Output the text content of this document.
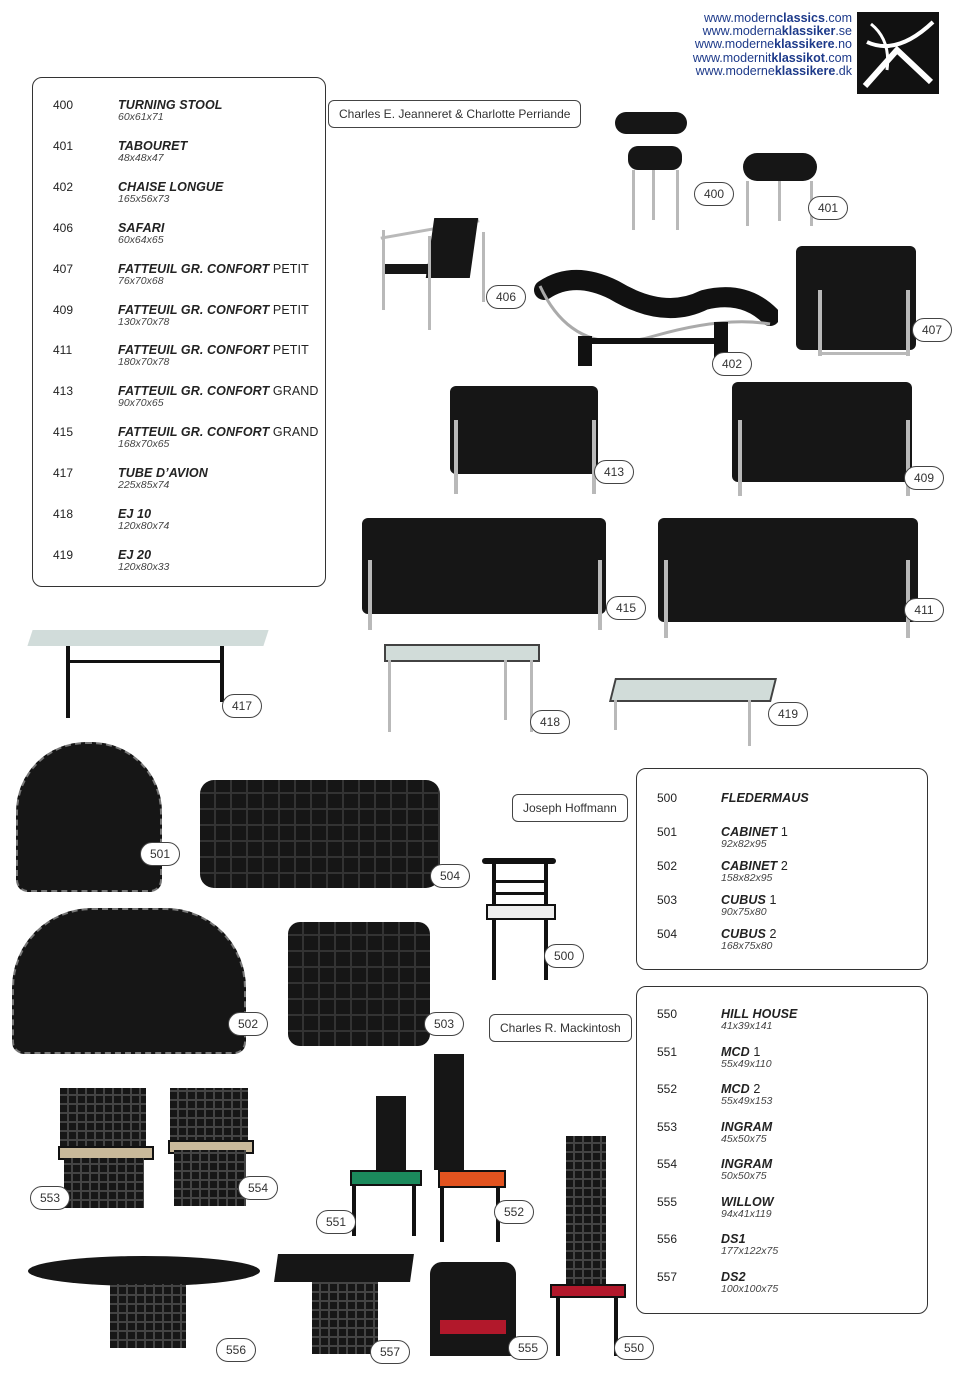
www.modernclassics.com
www.modernaklassiker.se
www.moderneklassikere.no
www.modernitklassikot.com
www.moderneklassikere.dk
Charles E. Jeanneret & Charlotte Perriande
400	TURNING STOOL
60x61x71
401	TABOURET
48x48x47
402	CHAISE LONGUE
165x56x73
406	SAFARI
60x64x65
407	FATTEUIL GR. CONFORT PETIT
76x70x68
409	FATTEUIL GR. CONFORT PETIT
130x70x78
411	FATTEUIL GR. CONFORT PETIT
180x70x78
413	FATTEUIL GR. CONFORT GRAND
90x70x65
415	FATTEUIL GR. CONFORT GRAND
168x70x65
417	TUBE D’AVION
225x85x74
418	EJ 10
120x80x74
419	EJ 20
120x80x33
500	FLEDERMAUS
501	CABINET 1
92x82x95
502	CABINET 2
158x82x95
503	CUBUS 1
90x75x80
504	CUBUS 2
168x75x80
550	HILL HOUSE
41x39x141
551	MCD 1
55x49x110
552	MCD 2
55x49x153
553	INGRAM
45x50x75
554	INGRAM
50x50x75
555	WILLOW
94x41x119
556	DS1
177x122x75
557	DS2
100x100x75
Joseph Hoffmann
Charles R. Mackintosh
400
401
406
407
402
413	409
415	411
417
418
419
501
504
500
502	503
553
554
551
552
556	557	555	550
